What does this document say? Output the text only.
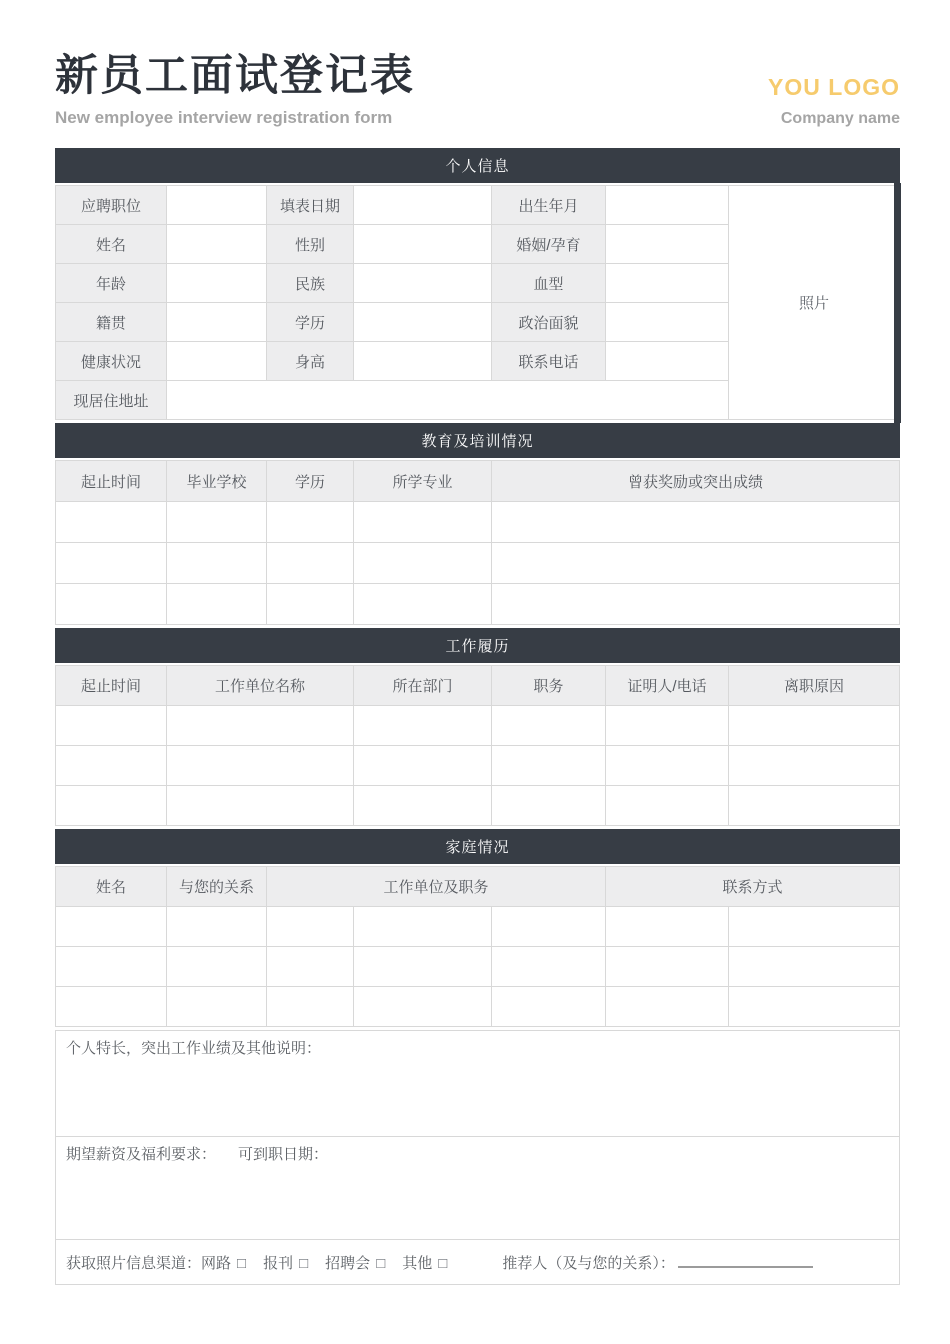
新员工面试登记表
New employee interview registration form
YOU LOGO
Company name
个人信息
应聘职位	填表日期	出生年月
照片
姓名	性别	婚姻/孕育
年龄	民族	血型
籍贯	学历	政治面貌
健康状况	身高	联系电话
现居住地址
教育及培训情况
起止时间	毕业学校	学历	所学专业	曾获奖励或突出成绩
工作履历
起止时间	工作单位名称	所在部门	职务	证明人/电话	离职原因
家庭情况
姓名	与您的关系	工作单位及职务	联系方式
个人特长，突出工作业绩及其他说明：
期望薪资及福利要求： 可到职日期：
获取照片信息渠道： 网路 □ 报刊 □ 招聘会 □ 其他 □	推荐人（及与您的关系）：
